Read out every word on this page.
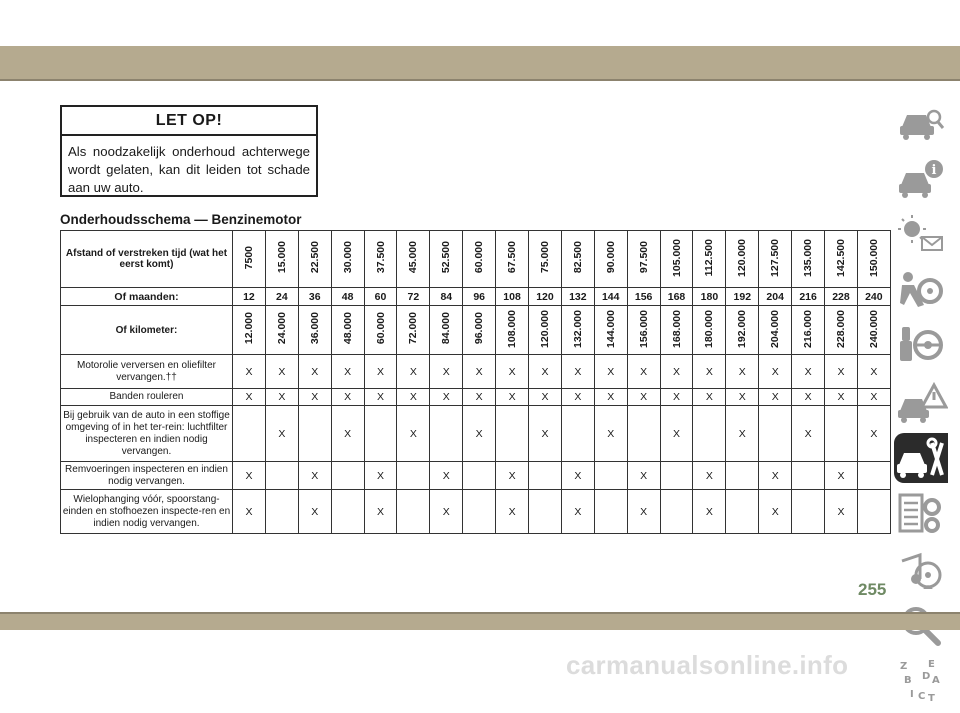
LET OP!
Als noodzakelijk onderhoud achterwege wordt gelaten, kan dit leiden tot schade aan uw auto.
Onderhoudsschema — Benzinemotor
Afstand of verstreken tijd (wat het eerst komt)	7500	15.000	22.500	30.000	37.500	45.000	52.500	60.000	67.500	75.000	82.500	90.000	97.500	105.000	112.500	120.000	127.500	135.000	142.500	150.000
Of maanden:	12	24	36	48	60	72	84	96	108	120	132	144	156	168	180	192	204	216	228	240
Of kilometer:	12.000	24.000	36.000	48.000	60.000	72.000	84.000	96.000	108.000	120.000	132.000	144.000	156.000	168.000	180.000	192.000	204.000	216.000	228.000	240.000
Motorolie verversen en oliefilter vervangen.††	X	X	X	X	X	X	X	X	X	X	X	X	X	X	X	X	X	X	X	X
Banden rouleren	X	X	X	X	X	X	X	X	X	X	X	X	X	X	X	X	X	X	X	X
Bij gebruik van de auto in een stoffige omgeving of in het ter-rein: luchtfilter inspecteren en indien nodig vervangen.		X		X		X		X		X		X		X		X		X		X
Remvoeringen inspecteren en indien nodig vervangen.	X		X		X		X		X		X		X		X		X		X	
Wielophanging vóór, spoorstang-einden en stofhoezen inspecte-ren en indien nodig vervangen.	X		X		X		X		X		X		X		X		X		X	
i
Z E
B A
I C T
D
255
carmanualsonline.info
